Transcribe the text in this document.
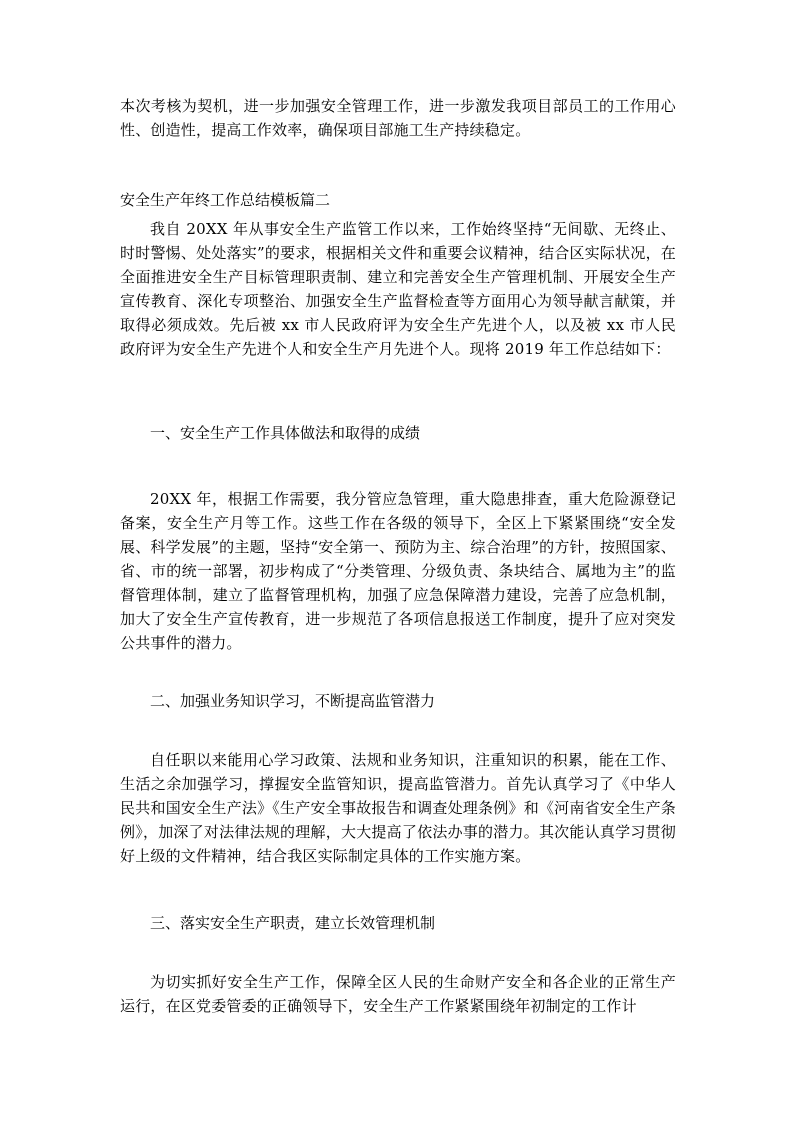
本次考核为契机，进一步加强安全管理工作，进一步激发我项目部员工的工作用心性、创造性，提高工作效率，确保项目部施工生产持续稳定。

安全生产年终工作总结模板篇二

我自 20XX 年从事安全生产监管工作以来，工作始终坚持“无间歇、无终止、时时警惕、处处落实”的要求，根据相关文件和重要会议精神，结合区实际状况，在全面推进安全生产目标管理职责制、建立和完善安全生产管理机制、开展安全生产宣传教育、深化专项整治、加强安全生产监督检查等方面用心为领导献言献策，并取得必须成效。先后被 xx 市人民政府评为安全生产先进个人，以及被 xx 市人民政府评为安全生产先进个人和安全生产月先进个人。现将 2019 年工作总结如下：

一、安全生产工作具体做法和取得的成绩

20XX 年，根据工作需要，我分管应急管理，重大隐患排查，重大危险源登记备案，安全生产月等工作。这些工作在各级的领导下，全区上下紧紧围绕“安全发展、科学发展”的主题，坚持“安全第一、预防为主、综合治理”的方针，按照国家、省、市的统一部署，初步构成了“分类管理、分级负责、条块结合、属地为主”的监督管理体制，建立了监督管理机构，加强了应急保障潜力建设，完善了应急机制，加大了安全生产宣传教育，进一步规范了各项信息报送工作制度，提升了应对突发公共事件的潜力。

二、加强业务知识学习，不断提高监管潜力

自任职以来能用心学习政策、法规和业务知识，注重知识的积累，能在工作、生活之余加强学习，撑握安全监管知识，提高监管潜力。首先认真学习了《中华人民共和国安全生产法》《生产安全事故报告和调查处理条例》和《河南省安全生产条例》，加深了对法律法规的理解，大大提高了依法办事的潜力。其次能认真学习贯彻好上级的文件精神，结合我区实际制定具体的工作实施方案。

三、落实安全生产职责，建立长效管理机制

为切实抓好安全生产工作，保障全区人民的生命财产安全和各企业的正常生产运行，在区党委管委的正确领导下，安全生产工作紧紧围绕年初制定的工作计
